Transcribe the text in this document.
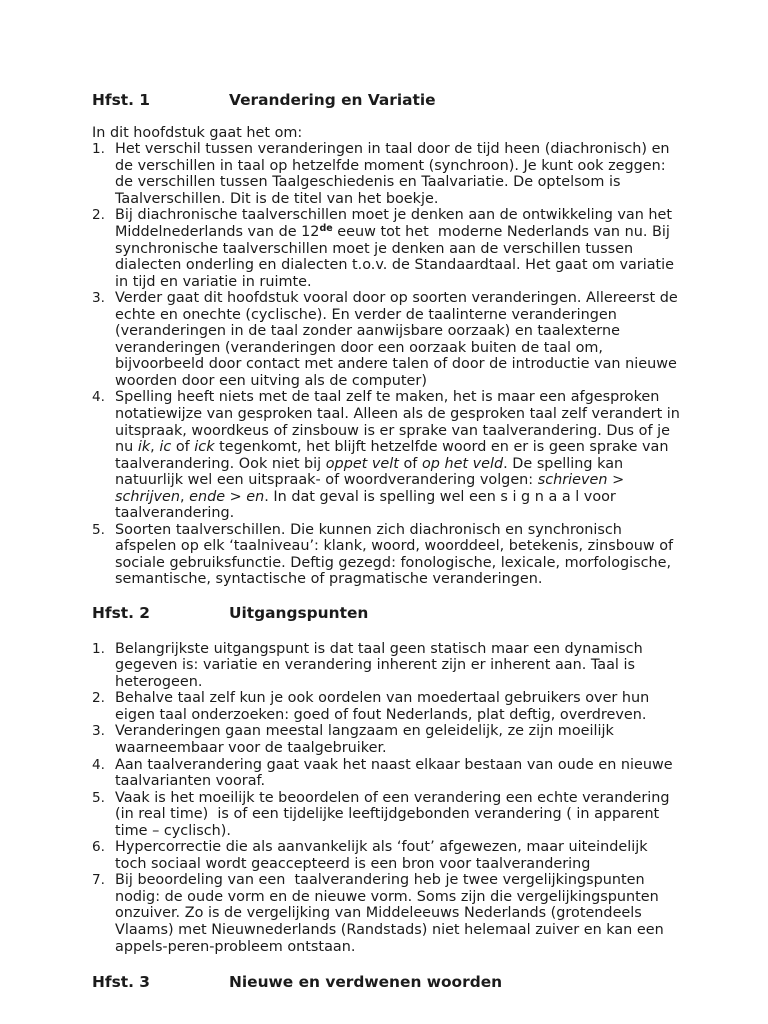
Hfst. 1	Verandering en Variatie

In dit hoofdstuk gaat het om:

1. Het verschil tussen veranderingen in taal door de tijd heen (diachronisch) en
de verschillen in taal op hetzelfde moment (synchroon). Je kunt ook zeggen:
de verschillen tussen Taalgeschiedenis en Taalvariatie. De optelsom is
Taalverschillen. Dit is de titel van het boekje.
2. Bij diachronische taalverschillen moet je denken aan de ontwikkeling van het
Middelnederlands van de 12de eeuw tot het  moderne Nederlands van nu. Bij
synchronische taalverschillen moet je denken aan de verschillen tussen
dialecten onderling en dialecten t.o.v. de Standaardtaal. Het gaat om variatie
in tijd en variatie in ruimte.
3. Verder gaat dit hoofdstuk vooral door op soorten veranderingen. Allereerst de
echte en onechte (cyclische). En verder de taalinterne veranderingen
(veranderingen in de taal zonder aanwijsbare oorzaak) en taalexterne
veranderingen (veranderingen door een oorzaak buiten de taal om,
bijvoorbeeld door contact met andere talen of door de introductie van nieuwe
woorden door een uitving als de computer)
4. Spelling heeft niets met de taal zelf te maken, het is maar een afgesproken
notatiewijze van gesproken taal. Alleen als de gesproken taal zelf verandert in
uitspraak, woordkeus of zinsbouw is er sprake van taalverandering. Dus of je
nu ik, ic of ick tegenkomt, het blijft hetzelfde woord en er is geen sprake van
taalverandering. Ook niet bij oppet velt of op het veld. De spelling kan
natuurlijk wel een uitspraak- of woordverandering volgen: schrieven >
schrijven, ende > en. In dat geval is spelling wel een s i g n a a l voor
taalverandering.
5. Soorten taalverschillen. Die kunnen zich diachronisch en synchronisch
afspelen op elk ‘taalniveau’: klank, woord, woorddeel, betekenis, zinsbouw of
sociale gebruiksfunctie. Deftig gezegd: fonologische, lexicale, morfologische,
semantische, syntactische of pragmatische veranderingen.
Hfst. 2	Uitgangspunten
1. Belangrijkste uitgangspunt is dat taal geen statisch maar een dynamisch
gegeven is: variatie en verandering inherent zijn er inherent aan. Taal is
heterogeen.
2. Behalve taal zelf kun je ook oordelen van moedertaal gebruikers over hun
eigen taal onderzoeken: goed of fout Nederlands, plat deftig, overdreven.
3. Veranderingen gaan meestal langzaam en geleidelijk, ze zijn moeilijk
waarneembaar voor de taalgebruiker.
4. Aan taalverandering gaat vaak het naast elkaar bestaan van oude en nieuwe
taalvarianten vooraf.
5. Vaak is het moeilijk te beoordelen of een verandering een echte verandering
(in real time)  is of een tijdelijke leeftijdgebonden verandering ( in apparent
time – cyclisch).
6. Hypercorrectie die als aanvankelijk als ‘fout’ afgewezen, maar uiteindelijk
toch sociaal wordt geaccepteerd is een bron voor taalverandering
7. Bij beoordeling van een  taalverandering heb je twee vergelijkingspunten
nodig: de oude vorm en de nieuwe vorm. Soms zijn die vergelijkingspunten
onzuiver. Zo is de vergelijking van Middeleeuws Nederlands (grotendeels
Vlaams) met Nieuwnederlands (Randstads) niet helemaal zuiver en kan een
appels-peren-probleem ontstaan.
Hfst. 3	Nieuwe en verdwenen woorden
